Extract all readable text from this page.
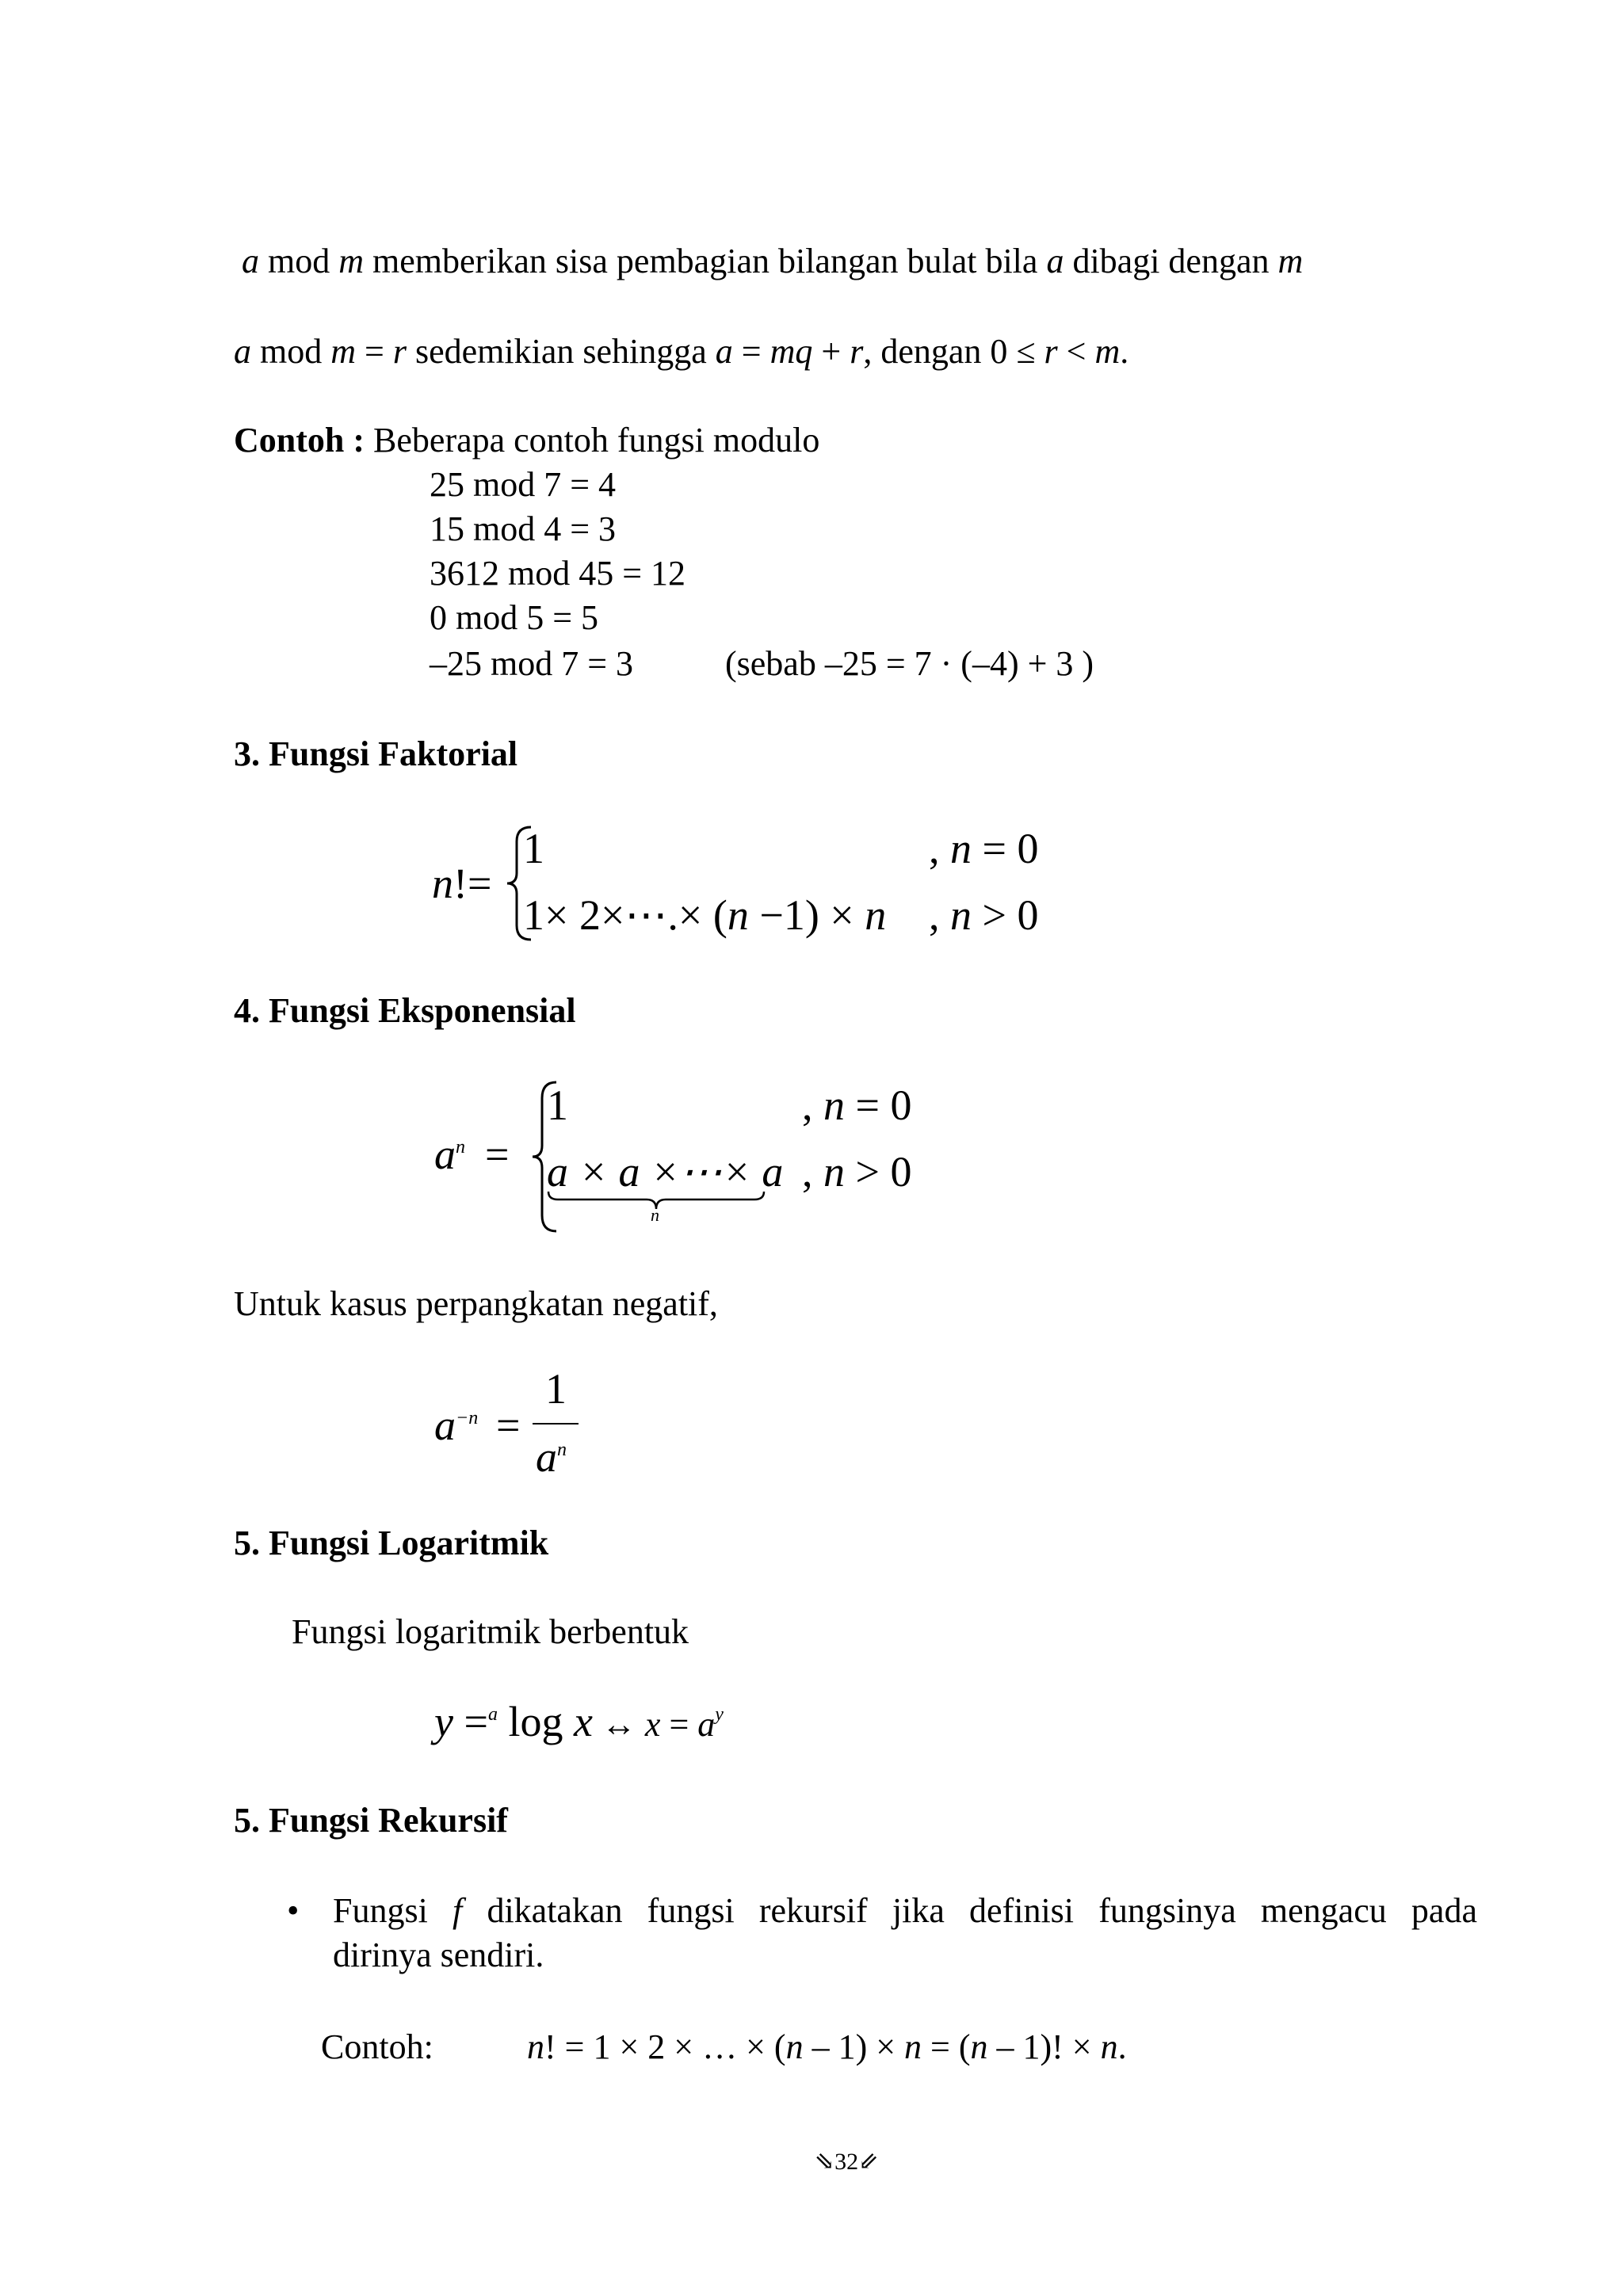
a mod m memberikan sisa pembagian bilangan bulat bila a dibagi dengan m
a mod m = r sedemikian sehingga a = mq + r, dengan 0 ≤ r < m.
Contoh : Beberapa contoh fungsi modulo
25 mod 7 = 4
15 mod 4 = 3
3612 mod 45 = 12
0 mod 5 = 5
–25 mod 7 = 3	(sebab –25 = 7 · (–4) + 3 )
3. Fungsi Faktorial
n!=
1
1× 2×⋯.× (n −1) × n
, n = 0
, n > 0
4. Fungsi Eksponensial
$a^n$ =
1
a × a ×⋯× a
n
, n = 0
, n > 0
Untuk kasus perpangkatan negatif,
$a^{-n}$ =
1
$a^n$
5. Fungsi Logaritmik
Fungsi logaritmik berbentuk
y =$^a$ log x ↔ $x = a^y$
5. Fungsi Rekursif
• Fungsi f dikatakan fungsi rekursif jika definisi fungsinya mengacu pada
dirinya sendiri.
Contoh:	n! = 1 × 2 × … × (n – 1) × n = (n – 1)! × n.
⇘32⇙
